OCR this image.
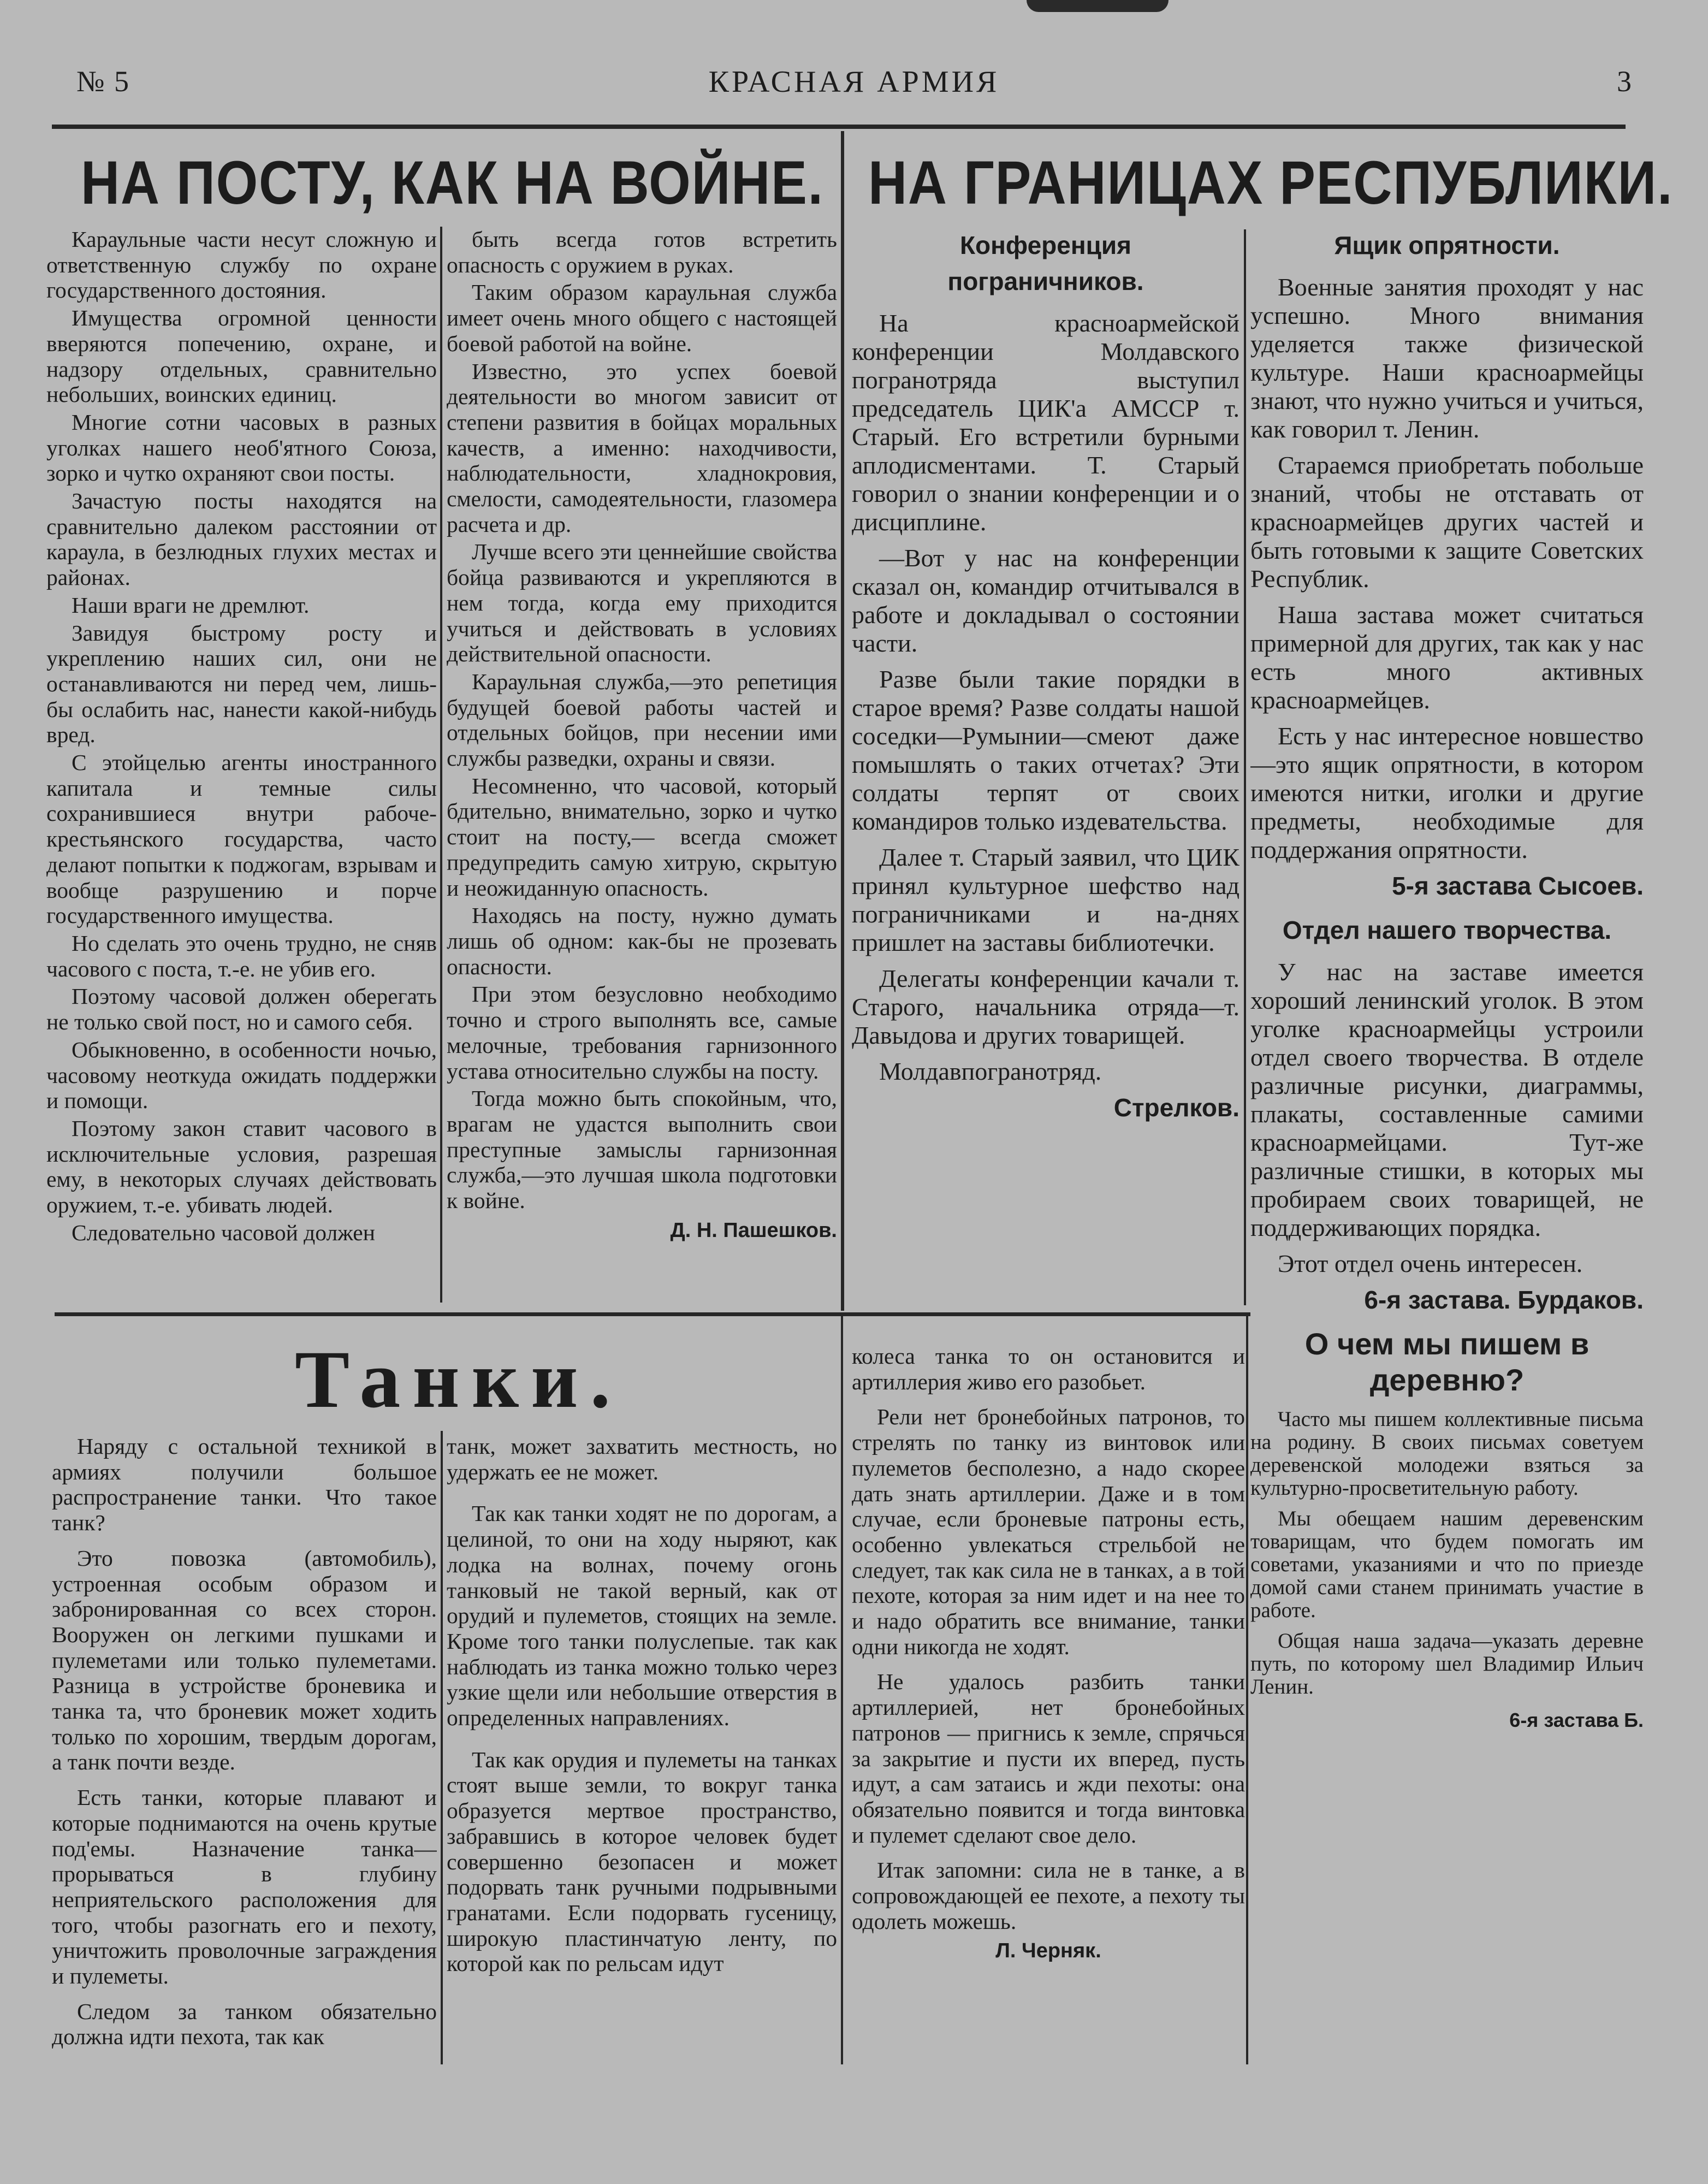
№ 5	КРАСНАЯ АРМИЯ	3
НА ПОСТУ, КАК НА ВОЙНЕ.

Караульные части несут сложную и ответственную службу по охране государственного достояния.

Имущества огромной ценности вверяются попечению, охране, и надзору отдельных, сравнительно небольших, воинских единиц.

Многие сотни часовых в разных уголках нашего необ'ятного Союза, зорко и чутко охраняют свои посты.

Зачастую посты находятся на сравнительно далеком расстоянии от караула, в безлюдных глухих местах и районах.

Наши враги не дремлют.

Завидуя быстрому росту и укреплению наших сил, они не останавливаются ни перед чем, лишь-бы ослабить нас, нанести какой-нибудь вред.

С этойцелью агенты иностранного капитала и темные силы сохранившиеся внутри рабоче-крестьянского государства, часто делают попытки к поджогам, взрывам и вообще разрушению и порче государственного имущества.

Но сделать это очень трудно, не сняв часового с поста, т.-е. не убив его.

Поэтому часовой должен оберегать не только свой пост, но и самого себя.

Обыкновенно, в особенности ночью, часовому неоткуда ожидать поддержки и помощи.

Поэтому закон ставит часового в исключительные условия, разрешая ему, в некоторых случаях действовать оружием, т.-е. убивать людей.

Следовательно часовой должен

быть всегда готов встретить опасность с оружием в руках.

Таким образом караульная служба имеет очень много общего с настоящей боевой работой на войне.

Известно, это успех боевой деятельности во многом зависит от степени развития в бойцах моральных качеств, а именно: находчивости, наблюдательности, хладнокровия, смелости, самодеятельности, глазомера расчета и др.

Лучше всего эти ценнейшие свойства бойца развиваются и укрепляются в нем тогда, когда ему приходится учиться и действовать в условиях действительной опасности.

Караульная служба,—это репетиция будущей боевой работы частей и отдельных бойцов, при несении ими службы разведки, охраны и связи.

Несомненно, что часовой, который бдительно, внимательно, зорко и чутко стоит на посту,— всегда сможет предупредить самую хитрую, скрытую и неожиданную опасность.

Находясь на посту, нужно думать лишь об одном: как-бы не прозевать опасности.

При этом безусловно необходимо точно и строго выполнять все, самые мелочные, требования гарнизонного устава относительно службы на посту.

Тогда можно быть спокойным, что, врагам не удастся выполнить свои преступные замыслы гарнизонная служба,—это лучшая школа подготовки к войне.

Д. Н. Пашешков.

НА ГРАНИЦАХ РЕСПУБЛИКИ.
Конференция пограничников.

На красноармейской конференции Молдавского погранотряда выступил председатель ЦИК'а АМССР т. Старый. Его встретили бурными аплодисментами. Т. Старый говорил о знании конференции и о дисциплине.

—Вот у нас на конференции сказал он, командир отчитывался в работе и докладывал о состоянии части.

Разве были такие порядки в старое время? Разве солдаты нашой соседки—Румынии—смеют даже помышлять о таких отчетах? Эти солдаты терпят от своих командиров только издевательства.

Далее т. Старый заявил, что ЦИК принял культурное шефство над пограничниками и на-днях пришлет на заставы библиотечки.

Делегаты конференции качали т. Старого, начальника отряда—т. Давыдова и других товарищей.

Молдавпогранотряд.

Стрелков.

Ящик опрятности.

Военные занятия проходят у нас успешно. Много внимания уделяется также физической культуре. Наши красноармейцы знают, что нужно учиться и учиться, как говорил т. Ленин.

Стараемся приобретать побольше знаний, чтобы не отставать от красноармейцев других частей и быть готовыми к защите Советских Республик.

Наша застава может считаться примерной для других, так как у нас есть много активных красноармейцев.

Есть у нас интересное новшество—это ящик опрятности, в котором имеются нитки, иголки и другие предметы, необходимые для поддержания опрятности.

5-я застава Сысоев.

Отдел нашего творчества.

У нас на заставе имеется хороший ленинский уголок. В этом уголке красноармейцы устроили отдел своего творчества. В отделе различные рисунки, диаграммы, плакаты, составленные самими красноармейцами. Тут-же различные стишки, в которых мы пробираем своих товарищей, не поддерживающих порядка.

Этот отдел очень интересен.

6-я застава. Бурдаков.

О чем мы пишем в деревню?

Часто мы пишем коллективные письма на родину. В своих письмах советуем деревенской молодежи взяться за культурно-просветительную работу.

Мы обещаем нашим деревенским товарищам, что будем помогать им советами, указаниями и что по приезде домой сами станем принимать участие в работе.

Общая наша задача—указать деревне путь, по которому шел Владимир Ильич Ленин.

6-я застава Б.

Танки.

Наряду с остальной техникой в армиях получили большое распространение танки. Что такое танк?

Это повозка (автомобиль), устроенная особым образом и забронированная со всех сторон. Вооружен он легкими пушками и пулеметами или только пулеметами. Разница в устройстве броневика и танка та, что броневик может ходить только по хорошим, твердым дорогам, а танк почти везде.

Есть танки, которые плавают и которые поднимаются на очень крутые под'емы. Назначение танка—прорываться в глубину неприятельского расположения для того, чтобы разогнать его и пехоту, уничтожить проволочные заграждения и пулеметы.

Следом за танком обязательно должна идти пехота, так как

танк, может захватить местность, но удержать ее не может.

Так как танки ходят не по дорогам, а целиной, то они на ходу ныряют, как лодка на волнах, почему огонь танковый не такой верный, как от орудий и пулеметов, стоящих на земле. Кроме того танки полуслепые. так как наблюдать из танка можно только через узкие щели или небольшие отверстия в определенных направлениях.

Так как орудия и пулеметы на танках стоят выше земли, то вокруг танка образуется мертвое пространство, забравшись в которое человек будет совершенно безопасен и может подорвать танк ручными подрывными гранатами. Если подорвать гусеницу, широкую пластинчатую ленту, по которой как по рельсам идут

колеса танка то он остановится и артиллерия живо его разобьет.

Рели нет бронебойных патронов, то стрелять по танку из винтовок или пулеметов бесполезно, а надо скорее дать знать артиллерии. Даже и в том случае, если броневые патроны есть, особенно увлекаться стрельбой не следует, так как сила не в танках, а в той пехоте, которая за ним идет и на нее то и надо обратить все внимание, танки одни никогда не ходят.

Не удалось разбить танки артиллерией, нет бронебойных патронов — пригнись к земле, спрячься за закрытие и пусти их вперед, пусть идут, а сам затаись и жди пехоты: она обязательно появится и тогда винтовка и пулемет сделают свое дело.

Итак запомни: сила не в танке, а в сопровождающей ее пехоте, а пехоту ты одолеть можешь.

Л. Черняк.
